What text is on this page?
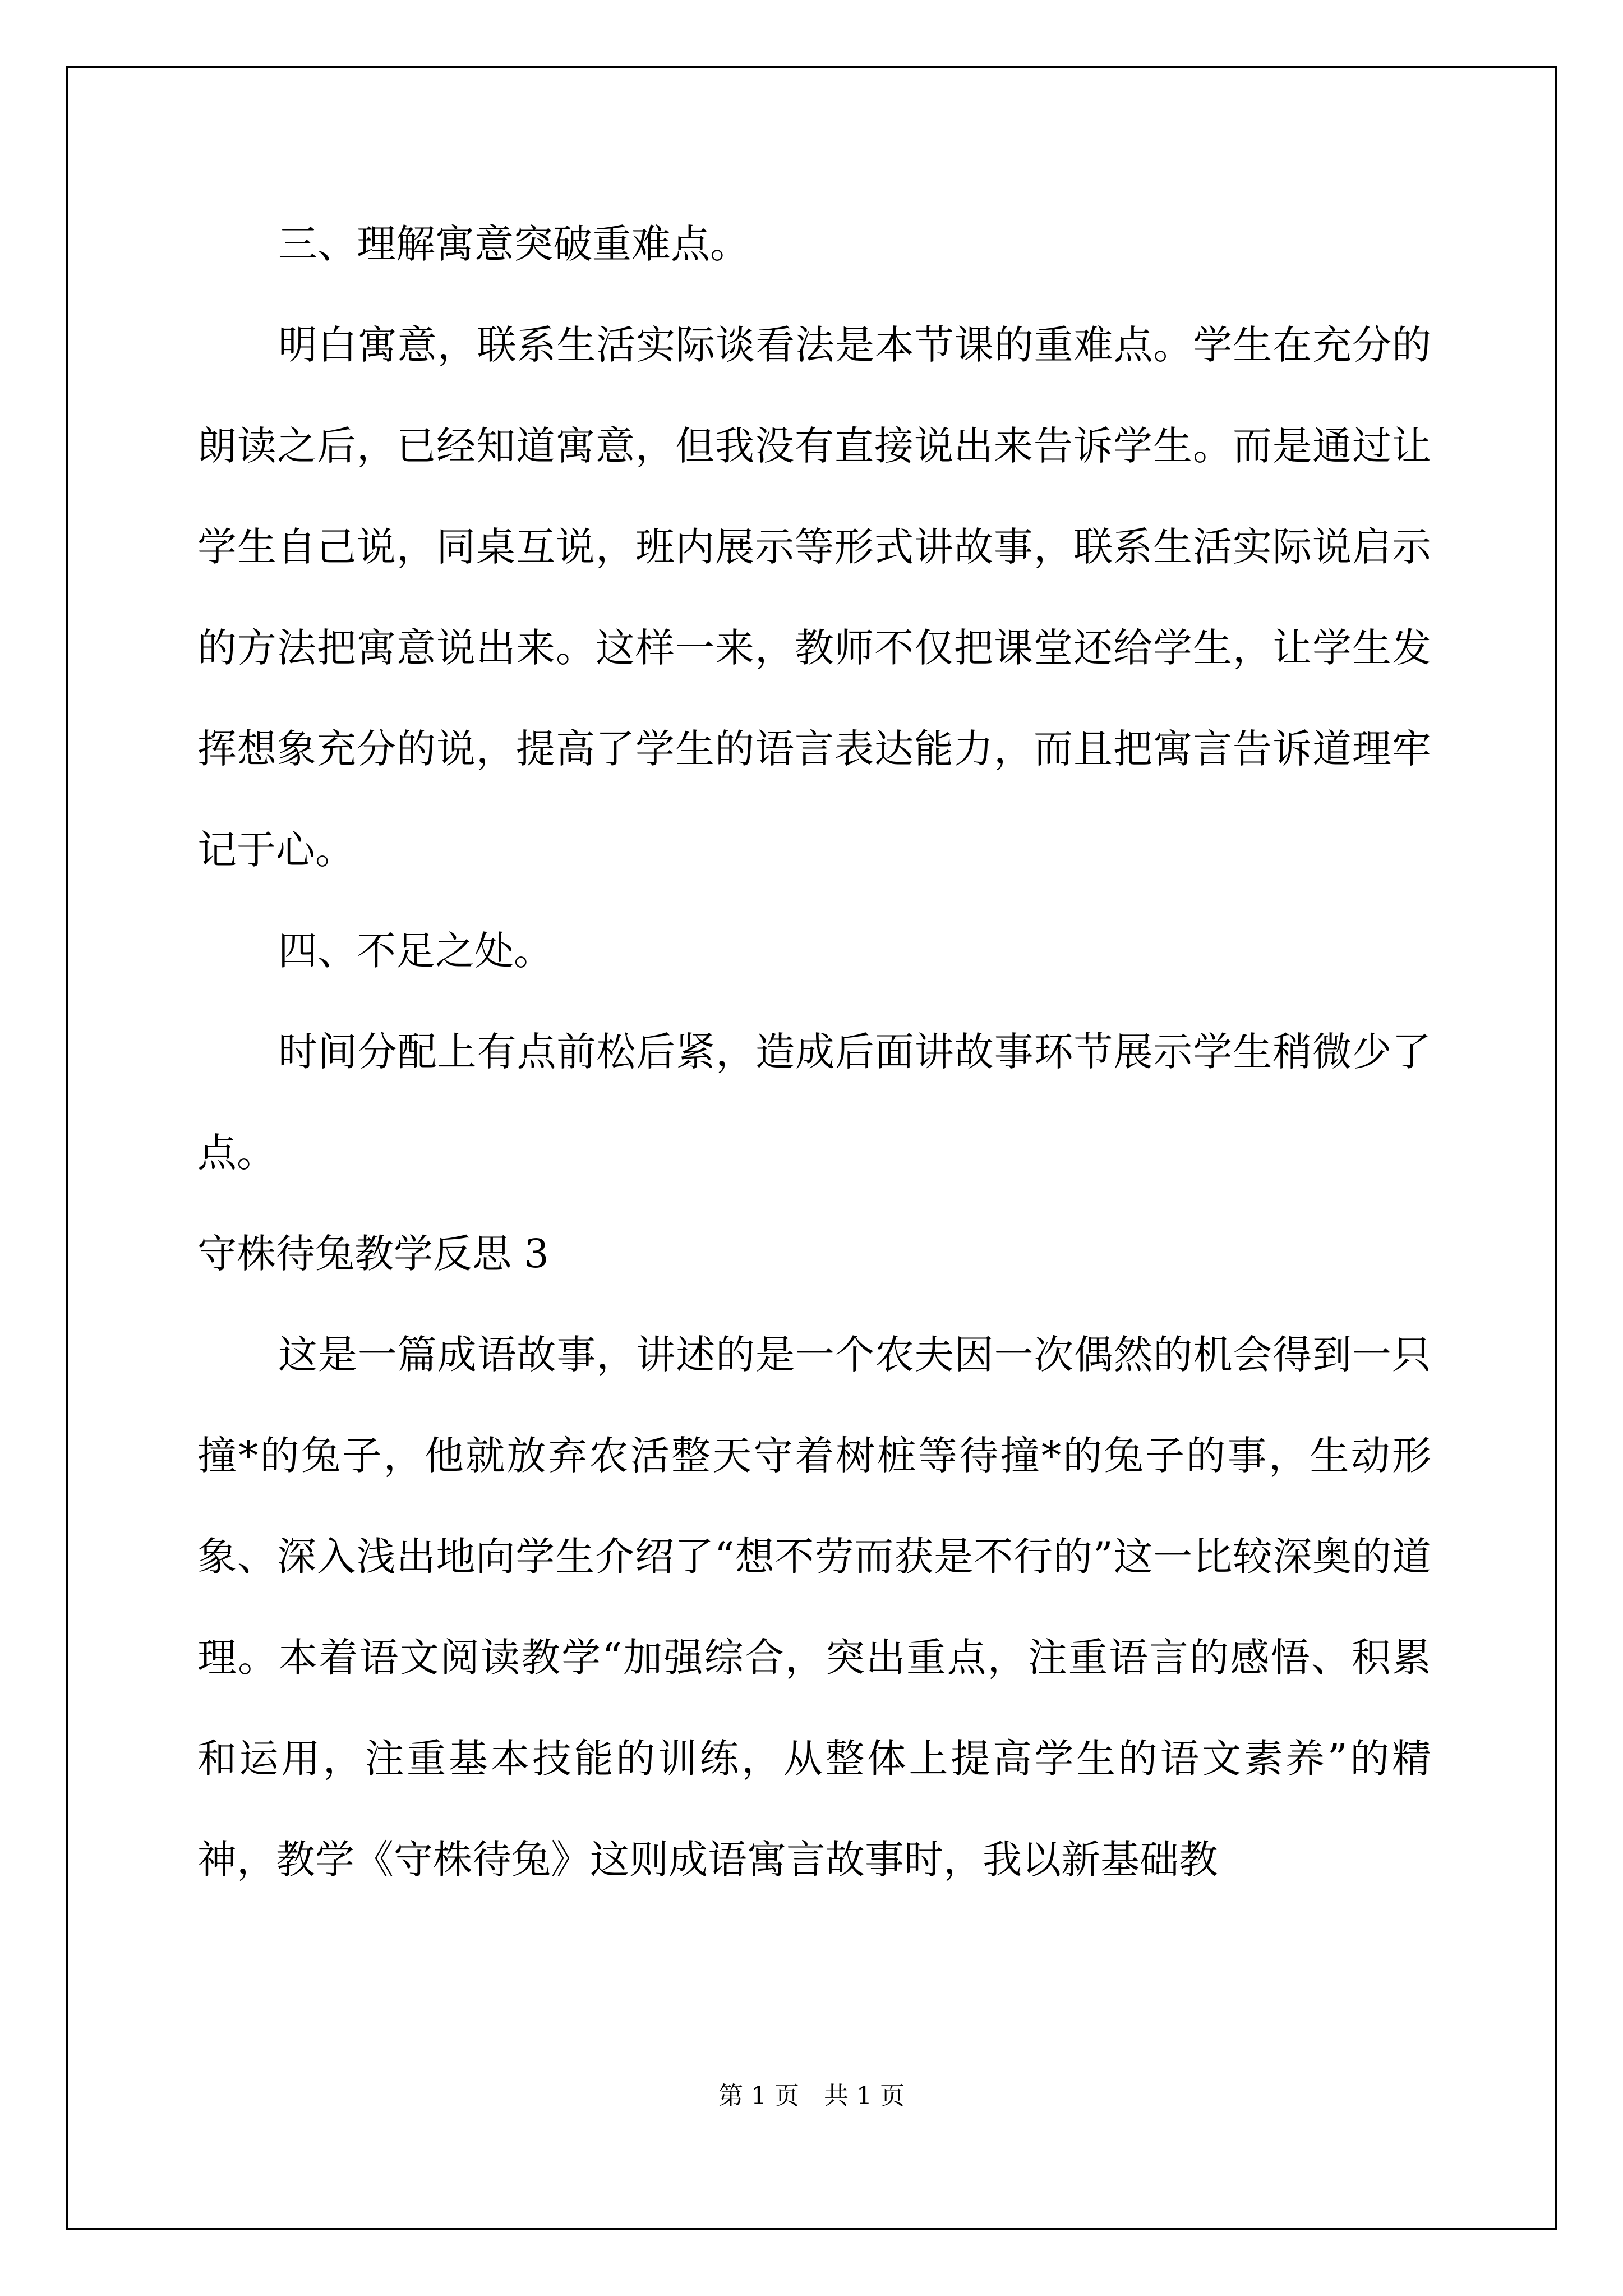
三、理解寓意突破重难点。

明白寓意，联系生活实际谈看法是本节课的重难点。学生在充分的朗读之后，已经知道寓意，但我没有直接说出来告诉学生。而是通过让学生自己说，同桌互说，班内展示等形式讲故事，联系生活实际说启示的方法把寓意说出来。这样一来，教师不仅把课堂还给学生，让学生发挥想象充分的说，提高了学生的语言表达能力，而且把寓言告诉道理牢记于心。

四、不足之处。

时间分配上有点前松后紧，造成后面讲故事环节展示学生稍微少了点。

守株待兔教学反思 3

这是一篇成语故事，讲述的是一个农夫因一次偶然的机会得到一只撞*的兔子，他就放弃农活整天守着树桩等待撞*的兔子的事，生动形象、深入浅出地向学生介绍了“想不劳而获是不行的”这一比较深奥的道理。本着语文阅读教学“加强综合，突出重点，注重语言的感悟、积累和运用，注重基本技能的训练，从整体上提高学生的语文素养”的精神，教学《守株待兔》这则成语寓言故事时，我以新基础教

第 1 页　共 1 页
